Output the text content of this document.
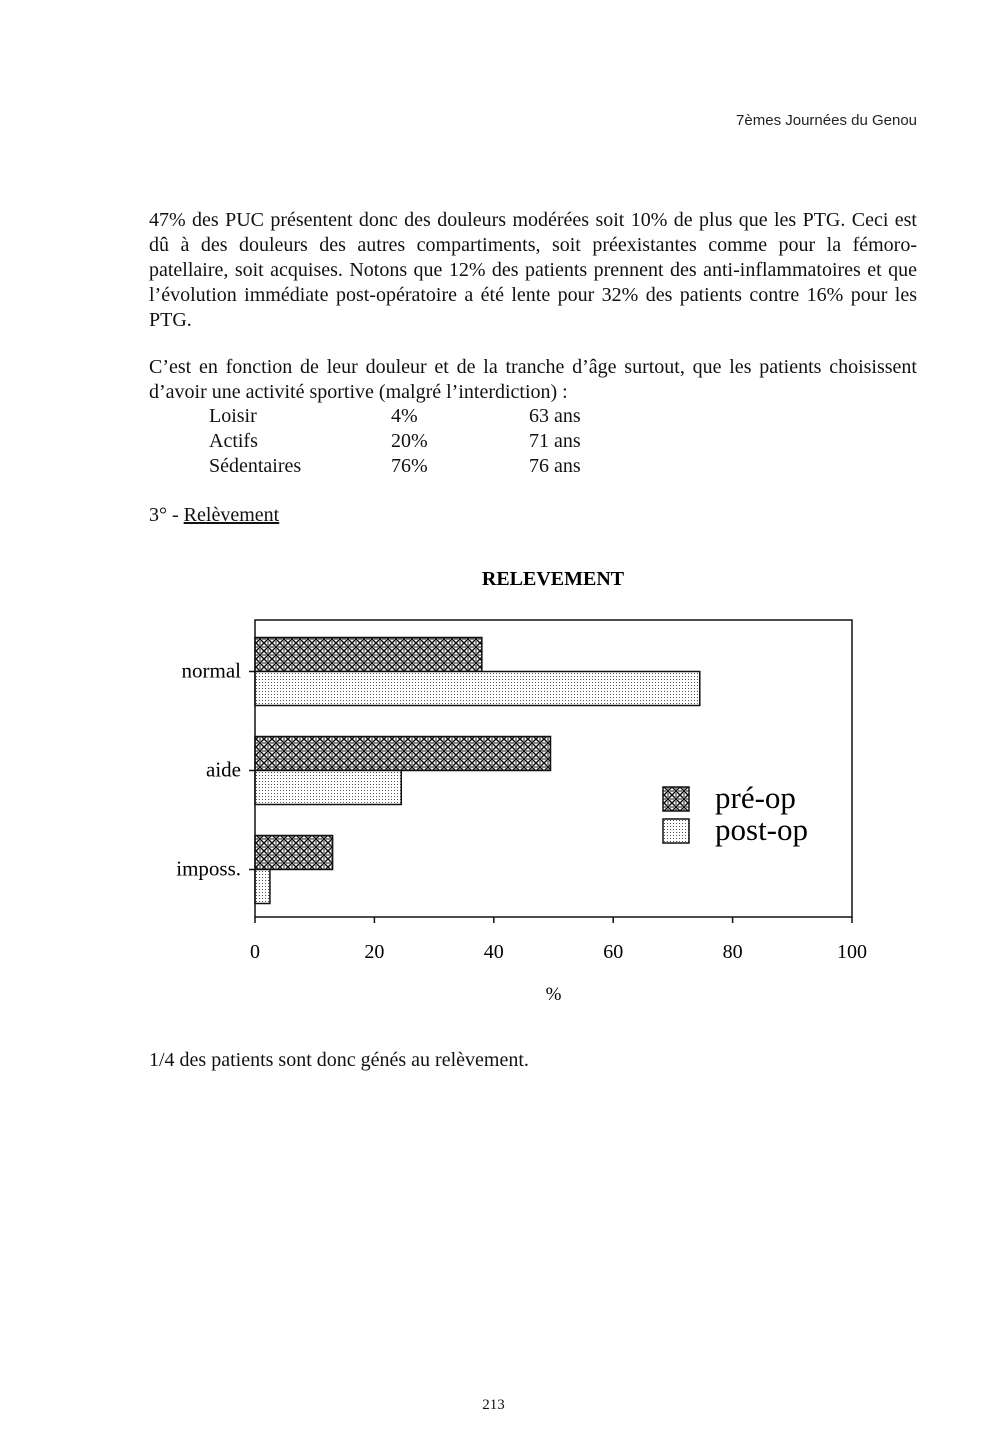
7èmes Journées du Genou

47% des PUC présentent donc des douleurs modérées soit 10% de plus que les PTG. Ceci est dû à des douleurs des autres compartiments, soit préexistantes comme pour la fémoro-patellaire, soit acquises. Notons que 12% des patients prennent des anti-inflammatoires et que l’évolution immédiate post-opératoire a été lente pour 32% des patients contre 16% pour les PTG.

C’est en fonction de leur douleur et de la tranche d’âge surtout, que les patients choisissent d’avoir une activité sportive (malgré l’interdiction) :

Loisir	4%	63 ans
Actifs	20%	71 ans
Sédentaires	76%	76 ans
3° - Relèvement
RELEVEMENT
normal
aide
imposs.
0	20	40	60	80	100
pré-op
post-op
%
1/4 des patients sont donc génés au relèvement.
213
